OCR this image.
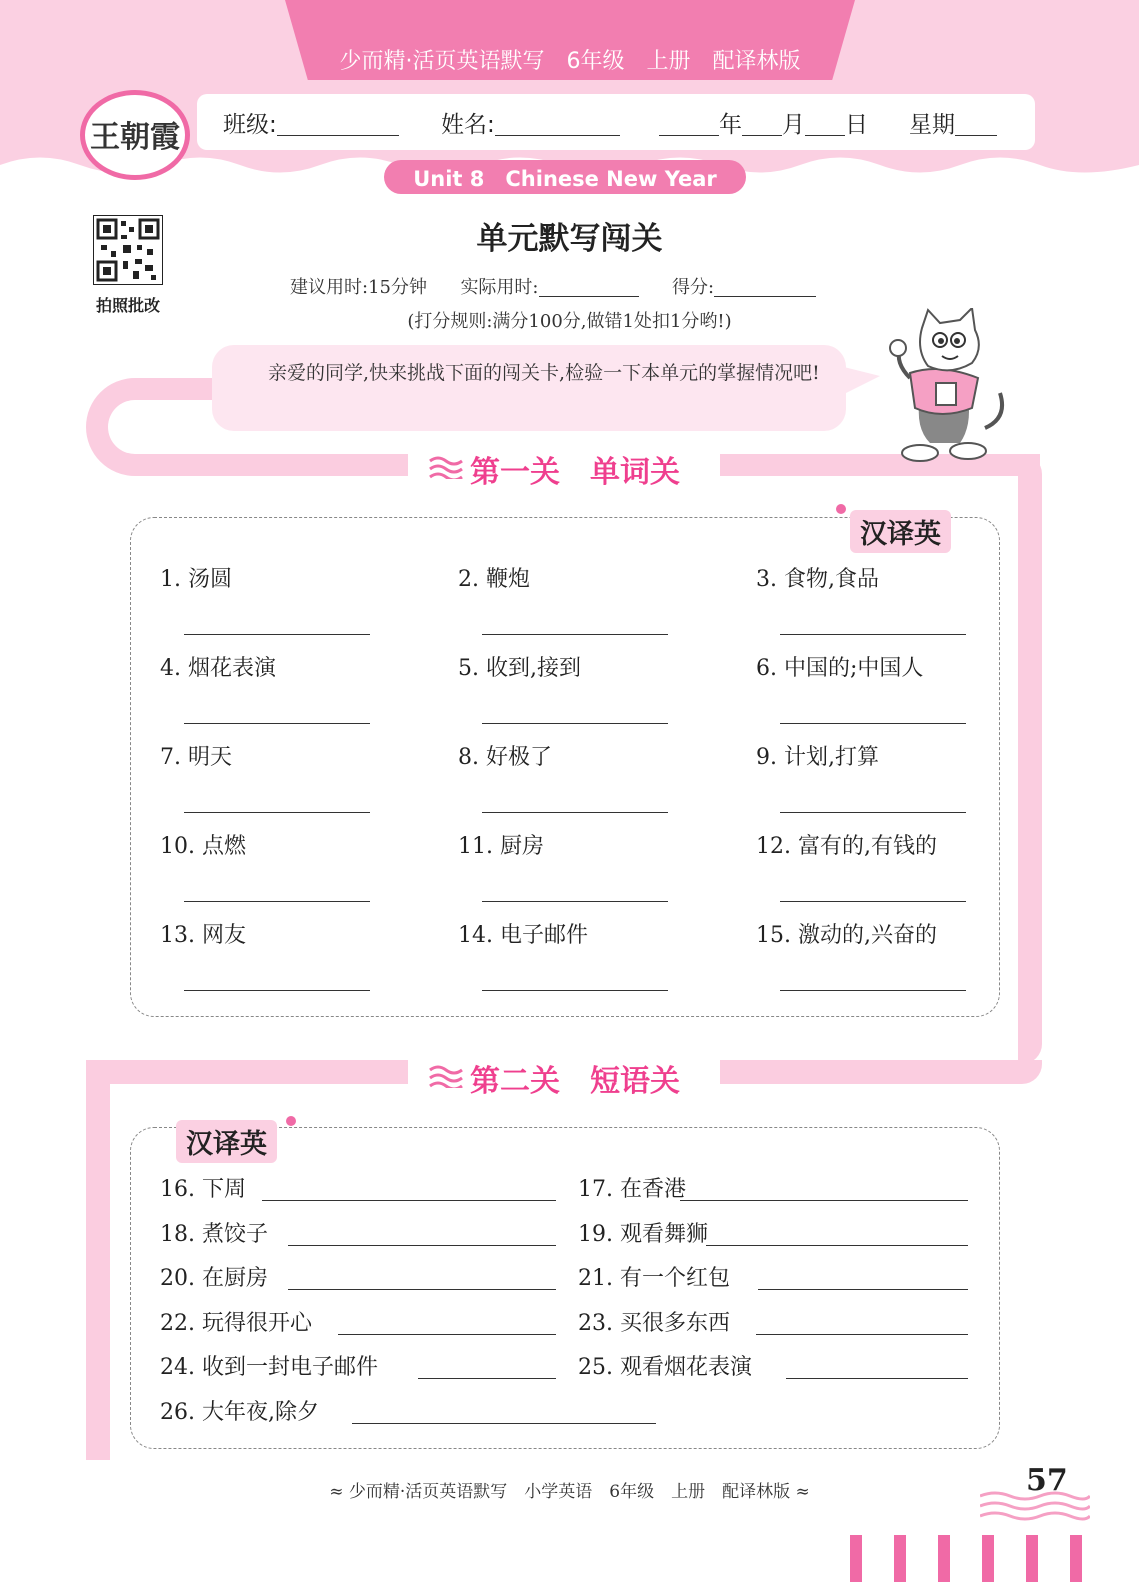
少而精·活页英语默写　6年级　上册　配译林版
王朝霞	班级:	姓名:	年 月 日 星期
Unit 8　Chinese New Year
拍照批改
单元默写闯关
建议用时:15分钟 实际用时:	得分:
(打分规则:满分100分,做错1处扣1分哟!)
亲爱的同学,快来挑战下面的闯关卡,检验一下本单元的掌握情况吧!
第一关　单词关
汉译英
1. 汤圆	2. 鞭炮	3. 食物,食品
4. 烟花表演	5. 收到,接到	6. 中国的;中国人
7. 明天	8. 好极了	9. 计划,打算
10. 点燃	11. 厨房	12. 富有的,有钱的
13. 网友	14. 电子邮件	15. 激动的,兴奋的
第二关　短语关
汉译英
16. 下周	17. 在香港
18. 煮饺子	19. 观看舞狮
20. 在厨房	21. 有一个红包
22. 玩得很开心	23. 买很多东西
24. 收到一封电子邮件	25. 观看烟花表演
26. 大年夜,除夕
≈ 少而精·活页英语默写　小学英语　6年级　上册　配译林版 ≈	57
